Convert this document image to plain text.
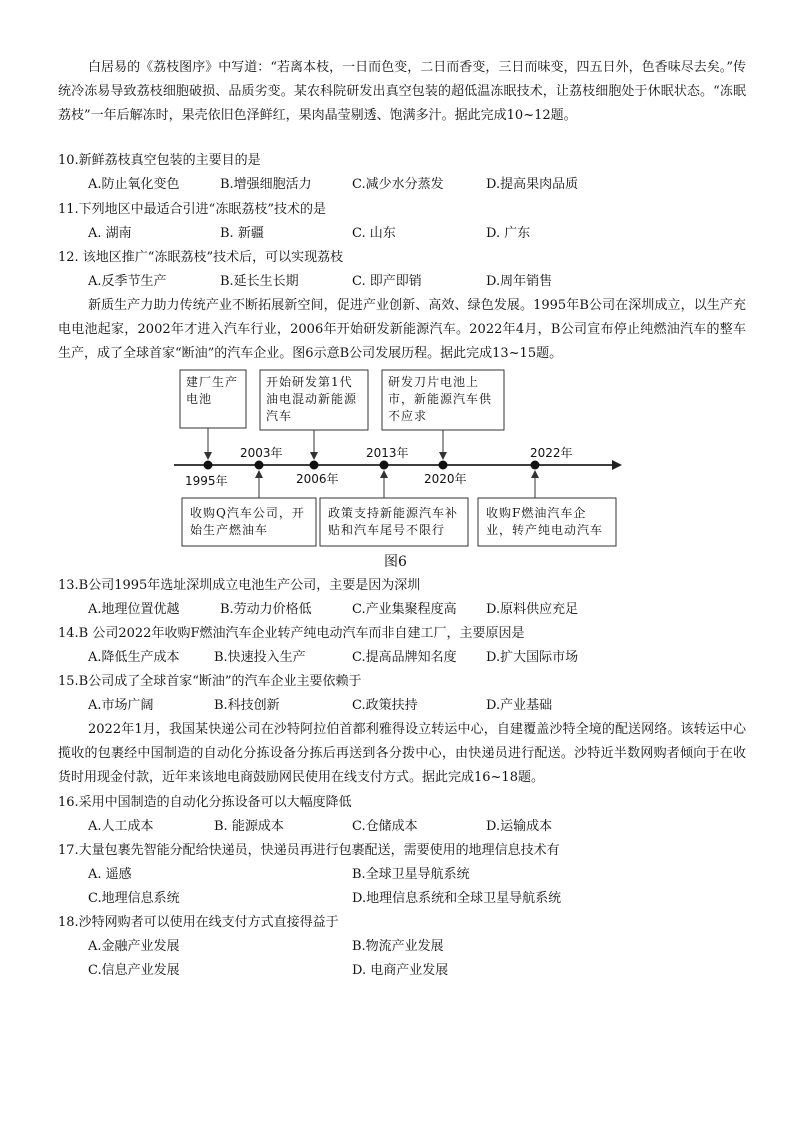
白居易的《荔枝图序》中写道：“若离本枝，一日而色变，二日而香变，三日而味变，四五日外，色香味尽去矣。”传统冷冻易导致荔枝细胞破损、品质劣变。某农科院研发出真空包装的超低温冻眠技术，让荔枝细胞处于休眠状态。“冻眠荔枝”一年后解冻时，果壳依旧色泽鲜红，果肉晶莹剔透、饱满多汁。据此完成10~12题。

10.新鲜荔枝真空包装的主要目的是
A.防止氧化变色	B.增强细胞活力	C.减少水分蒸发	D.提高果肉品质
11.下列地区中最适合引进“冻眠荔枝”技术的是
A. 湖南	B. 新疆	C. 山东	D. 广东
12. 该地区推广“冻眠荔枝”技术后，可以实现荔枝
A.反季节生产	B.延长生长期	C. 即产即销	D.周年销售

新质生产力助力传统产业不断拓展新空间，促进产业创新、高效、绿色发展。1995年B公司在深圳成立，以生产充电电池起家，2002年才进入汽车行业，2006年开始研发新能源汽车。2022年4月，B公司宣布停止纯燃油汽车的整车生产，成了全球首家“断油”的汽车企业。图6示意B公司发展历程。据此完成13~15题。

建厂生产电池
开始研发第1代油电混动新能源汽车
研发刀片电池上市，新能源汽车供不应求
2003年	2013年	2022年
1995年	2006年	2020年
收购Q汽车公司，开始生产燃油车
政策支持新能源汽车补贴和汽车尾号不限行
收购F燃油汽车企业，转产纯电动汽车
图6
13.B公司1995年选址深圳成立电池生产公司，主要是因为深圳
A.地理位置优越	B.劳动力价格低	C.产业集聚程度高 D.原料供应充足
14.B 公司2022年收购F燃油汽车企业转产纯电动汽车而非自建工厂，主要原因是
A.降低生产成本	B.快速投入生产	C.提高品牌知名度 D.扩大国际市场
15.B公司成了全球首家“断油”的汽车企业主要依赖于
A.市场广阔	B.科技创新	C.政策扶持	D.产业基础

2022年1月，我国某快递公司在沙特阿拉伯首都利雅得设立转运中心，自建覆盖沙特全境的配送网络。该转运中心揽收的包裹经中国制造的自动化分拣设备分拣后再送到各分拨中心，由快递员进行配送。沙特近半数网购者倾向于在收货时用现金付款，近年来该地电商鼓励网民使用在线支付方式。据此完成16~18题。

16.采用中国制造的自动化分拣设备可以大幅度降低
A.人工成本	B. 能源成本	C.仓储成本	D.运输成本
17.大量包裹先智能分配给快递员，快递员再进行包裹配送，需要使用的地理信息技术有
A. 遥感	B.全球卫星导航系统
C.地理信息系统	D.地理信息系统和全球卫星导航系统
18.沙特网购者可以使用在线支付方式直接得益于
A.金融产业发展	B.物流产业发展
C.信息产业发展	D. 电商产业发展
